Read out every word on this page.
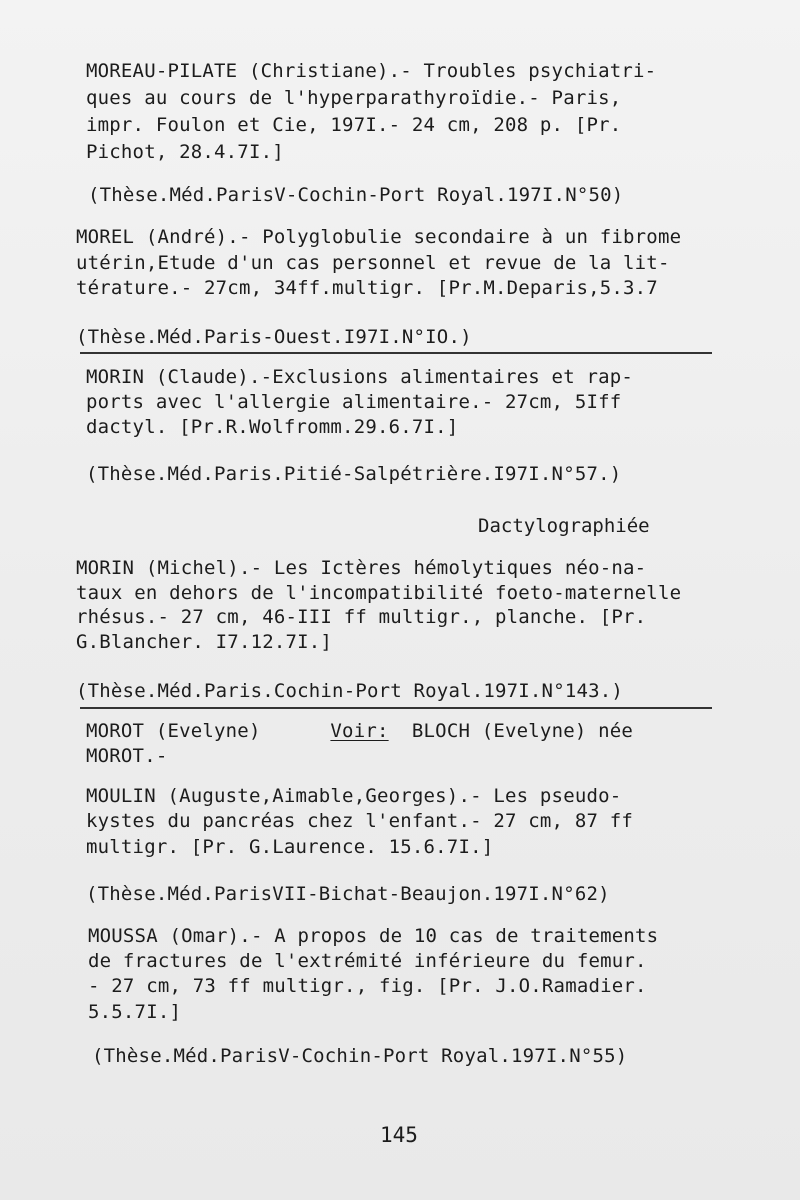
MOREAU-PILATE (Christiane).- Troubles psychiatri-
ques au cours de l'hyperparathyroïdie.- Paris,
impr. Foulon et Cie, 197I.- 24 cm, 208 p. [Pr.
Pichot, 28.4.7I.]
(Thèse.Méd.ParisV-Cochin-Port Royal.197I.N°50)
MOREL (André).- Polyglobulie secondaire à un fibrome
utérin,Etude d'un cas personnel et revue de la lit-
térature.- 27cm, 34ff.multigr. [Pr.M.Deparis,5.3.7
(Thèse.Méd.Paris-Ouest.I97I.N°IO.)
MORIN (Claude).-Exclusions alimentaires et rap-
ports avec l'allergie alimentaire.- 27cm, 5Iff
dactyl. [Pr.R.Wolfromm.29.6.7I.]
(Thèse.Méd.Paris.Pitié-Salpétrière.I97I.N°57.)
Dactylographiée
MORIN (Michel).- Les Ictères hémolytiques néo-na-
taux en dehors de l'incompatibilité foeto-maternelle
rhésus.- 27 cm, 46-III ff multigr., planche. [Pr.
G.Blancher. I7.12.7I.]
(Thèse.Méd.Paris.Cochin-Port Royal.197I.N°143.)
MOROT (Evelyne)      Voir:  BLOCH (Evelyne) née
MOROT.-
MOULIN (Auguste,Aimable,Georges).- Les pseudo-
kystes du pancréas chez l'enfant.- 27 cm, 87 ff
multigr. [Pr. G.Laurence. 15.6.7I.]
(Thèse.Méd.ParisVII-Bichat-Beaujon.197I.N°62)
MOUSSA (Omar).- A propos de 10 cas de traitements
de fractures de l'extrémité inférieure du femur.
- 27 cm, 73 ff multigr., fig. [Pr. J.O.Ramadier.
5.5.7I.]
(Thèse.Méd.ParisV-Cochin-Port Royal.197I.N°55)
145
